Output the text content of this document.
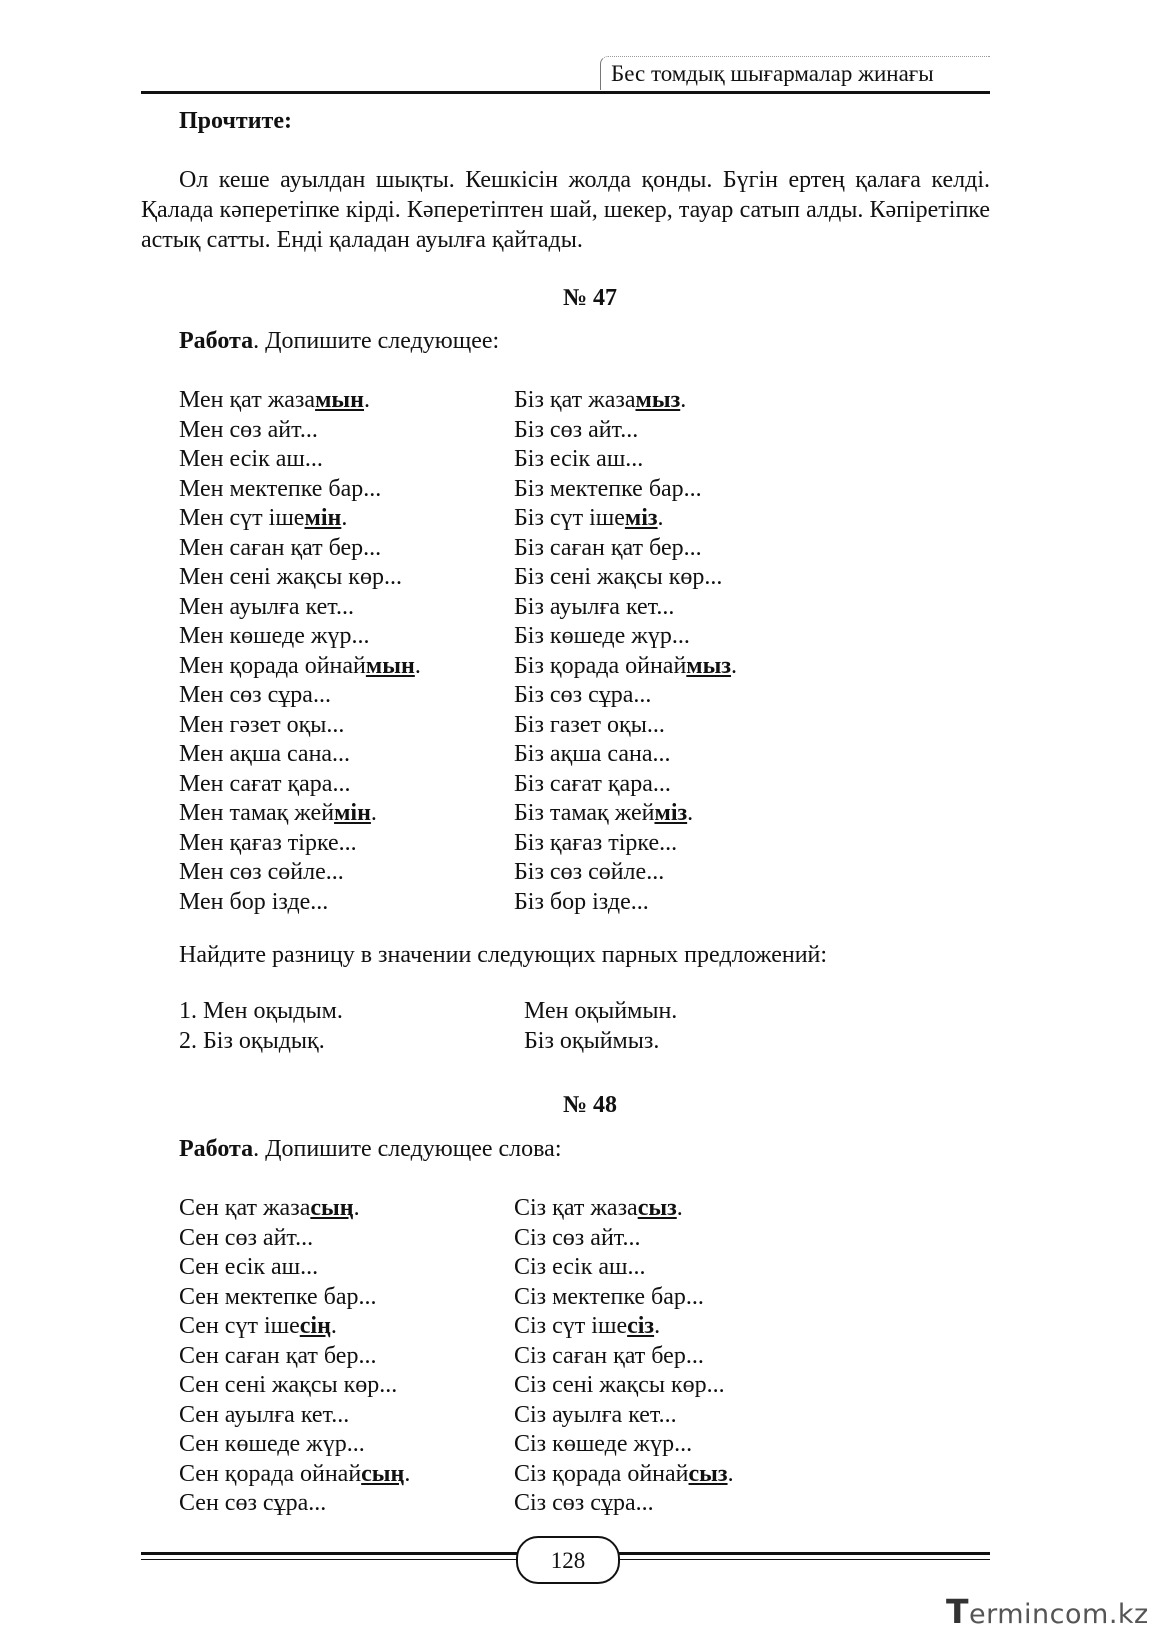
Бес томдық шығармалар жинағы
Прочтите:
Ол кеше ауылдан шықты. Кешкісін жолда қонды. Бүгін ертең қалаға келді. Қалада кәперетіпке кірді. Кәперетіптен шай, шекер, тауар сатып алды. Кәпіретіпке астық сатты. Енді қаладан ауылға қайтады.
№ 47
Работа. Допишите следующее:
Мен қат жазамын.
Мен сөз айт...
Мен есік аш...
Мен мектепке бар...
Мен сүт ішемін.
Мен саған қат бер...
Мен сені жақсы көр...
Мен ауылға кет...
Мен көшеде жүр...
Мен қорада ойнаймын.
Мен сөз сұра...
Мен гәзет оқы...
Мен ақша сана...
Мен сағат қара...
Мен тамақ жеймін.
Мен қағаз тірке...
Мен сөз сөйле...
Мен бор ізде...
Біз қат жазамыз.
Біз сөз айт...
Біз есік аш...
Біз мектепке бар...
Біз сүт ішеміз.
Біз саған қат бер...
Біз сені жақсы көр...
Біз ауылға кет...
Біз көшеде жүр...
Біз қорада ойнаймыз.
Біз сөз сұра...
Біз газет оқы...
Біз ақша сана...
Біз сағат қара...
Біз тамақ жейміз.
Біз қағаз тірке...
Біз сөз сөйле...
Біз бор ізде...
Найдите разницу в значении следующих парных предложений:
1. Мен оқыдым.
2. Біз оқыдық.
Мен оқыймын.
Біз оқыймыз.
№ 48
Работа. Допишите следующее слова:
Сен қат жазасың.
Сен сөз айт...
Сен есік аш...
Сен мектепке бар...
Сен сүт ішесің.
Сен саған қат бер...
Сен сені жақсы көр...
Сен ауылға кет...
Сен көшеде жүр...
Сен қорада ойнайсың.
Сен сөз сұра...
Сіз қат жазасыз.
Сіз сөз айт...
Сіз есік аш...
Сіз мектепке бар...
Сіз сүт ішесіз.
Сіз саған қат бер...
Сіз сені жақсы көр...
Сіз ауылға кет...
Сіз көшеде жүр...
Сіз қорада ойнайсыз.
Сіз сөз сұра...
128
Termincom.kz
